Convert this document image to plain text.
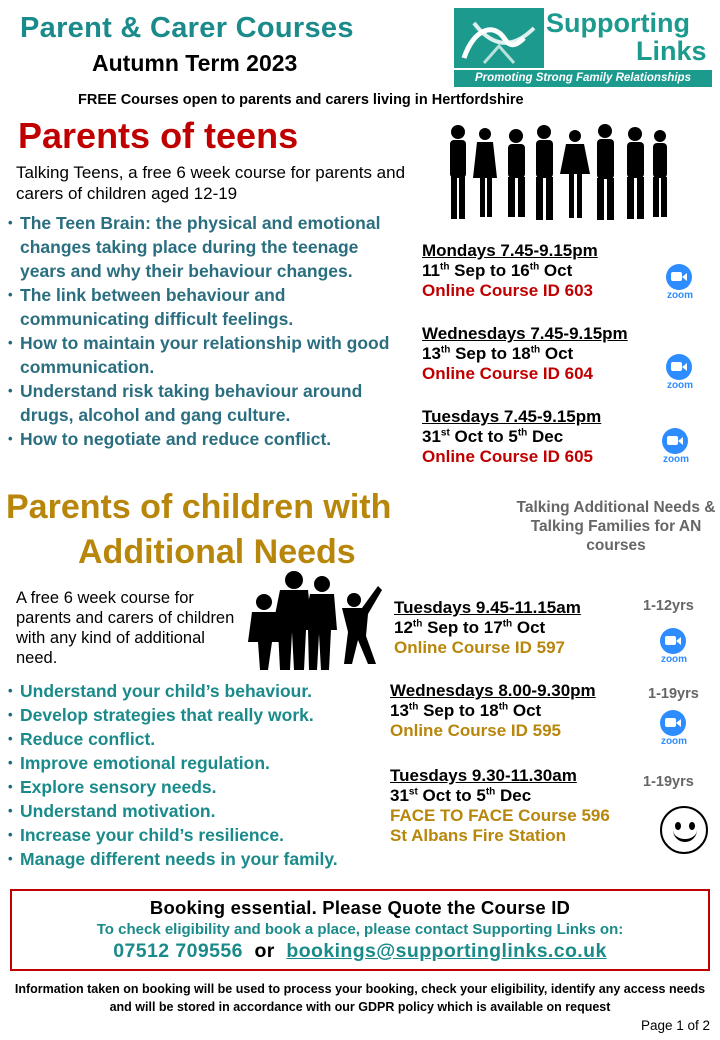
Parent & Carer Courses
Autumn Term 2023
FREE Courses open to parents and carers living in Hertfordshire
Supporting
Links
Promoting Strong Family Relationships
Parents of teens
Talking Teens, a free 6 week course for parents and carers of children aged 12-19
• The Teen Brain: the physical and emotional changes taking place during the teenage years and why their behaviour changes.
• The link between behaviour and communicating difficult feelings.
• How to maintain your relationship with good communication.
• Understand risk taking behaviour around drugs, alcohol and gang culture.
• How to negotiate and reduce conflict.
Mondays 7.45-9.15pm
11th Sep to 16th Oct
Online Course ID 603	zoom
Wednesdays 7.45-9.15pm
13th Sep to 18th Oct
Online Course ID 604
zoom
Tuesdays 7.45-9.15pm
31st Oct to 5th Dec
Online Course ID 605	zoom
Parents of children with
Additional Needs
Talking Additional Needs & Talking Families for AN courses
A free 6 week course for parents and carers of children with any kind of additional need.
• Understand your child’s behaviour.
• Develop strategies that really work.
• Reduce conflict.
• Improve emotional regulation.
• Explore sensory needs.
• Understand motivation.
• Increase your child’s resilience.
• Manage different needs in your family.
Tuesdays 9.45-11.15am
12th Sep to 17th Oct
Online Course ID 597
1-12yrs
zoom
Wednesdays 8.00-9.30pm
13th Sep to 18th Oct
Online Course ID 595
1-19yrs
zoom
Tuesdays 9.30-11.30am
31st Oct to 5th Dec
FACE TO FACE Course 596
St Albans Fire Station
1-19yrs
Booking essential. Please Quote the Course ID
To check eligibility and book a place, please contact Supporting Links on:
07512 709556 or bookings@supportinglinks.co.uk
Information taken on booking will be used to process your booking, check your eligibility, identify any access needs and will be stored in accordance with our GDPR policy which is available on request
Page 1 of 2
